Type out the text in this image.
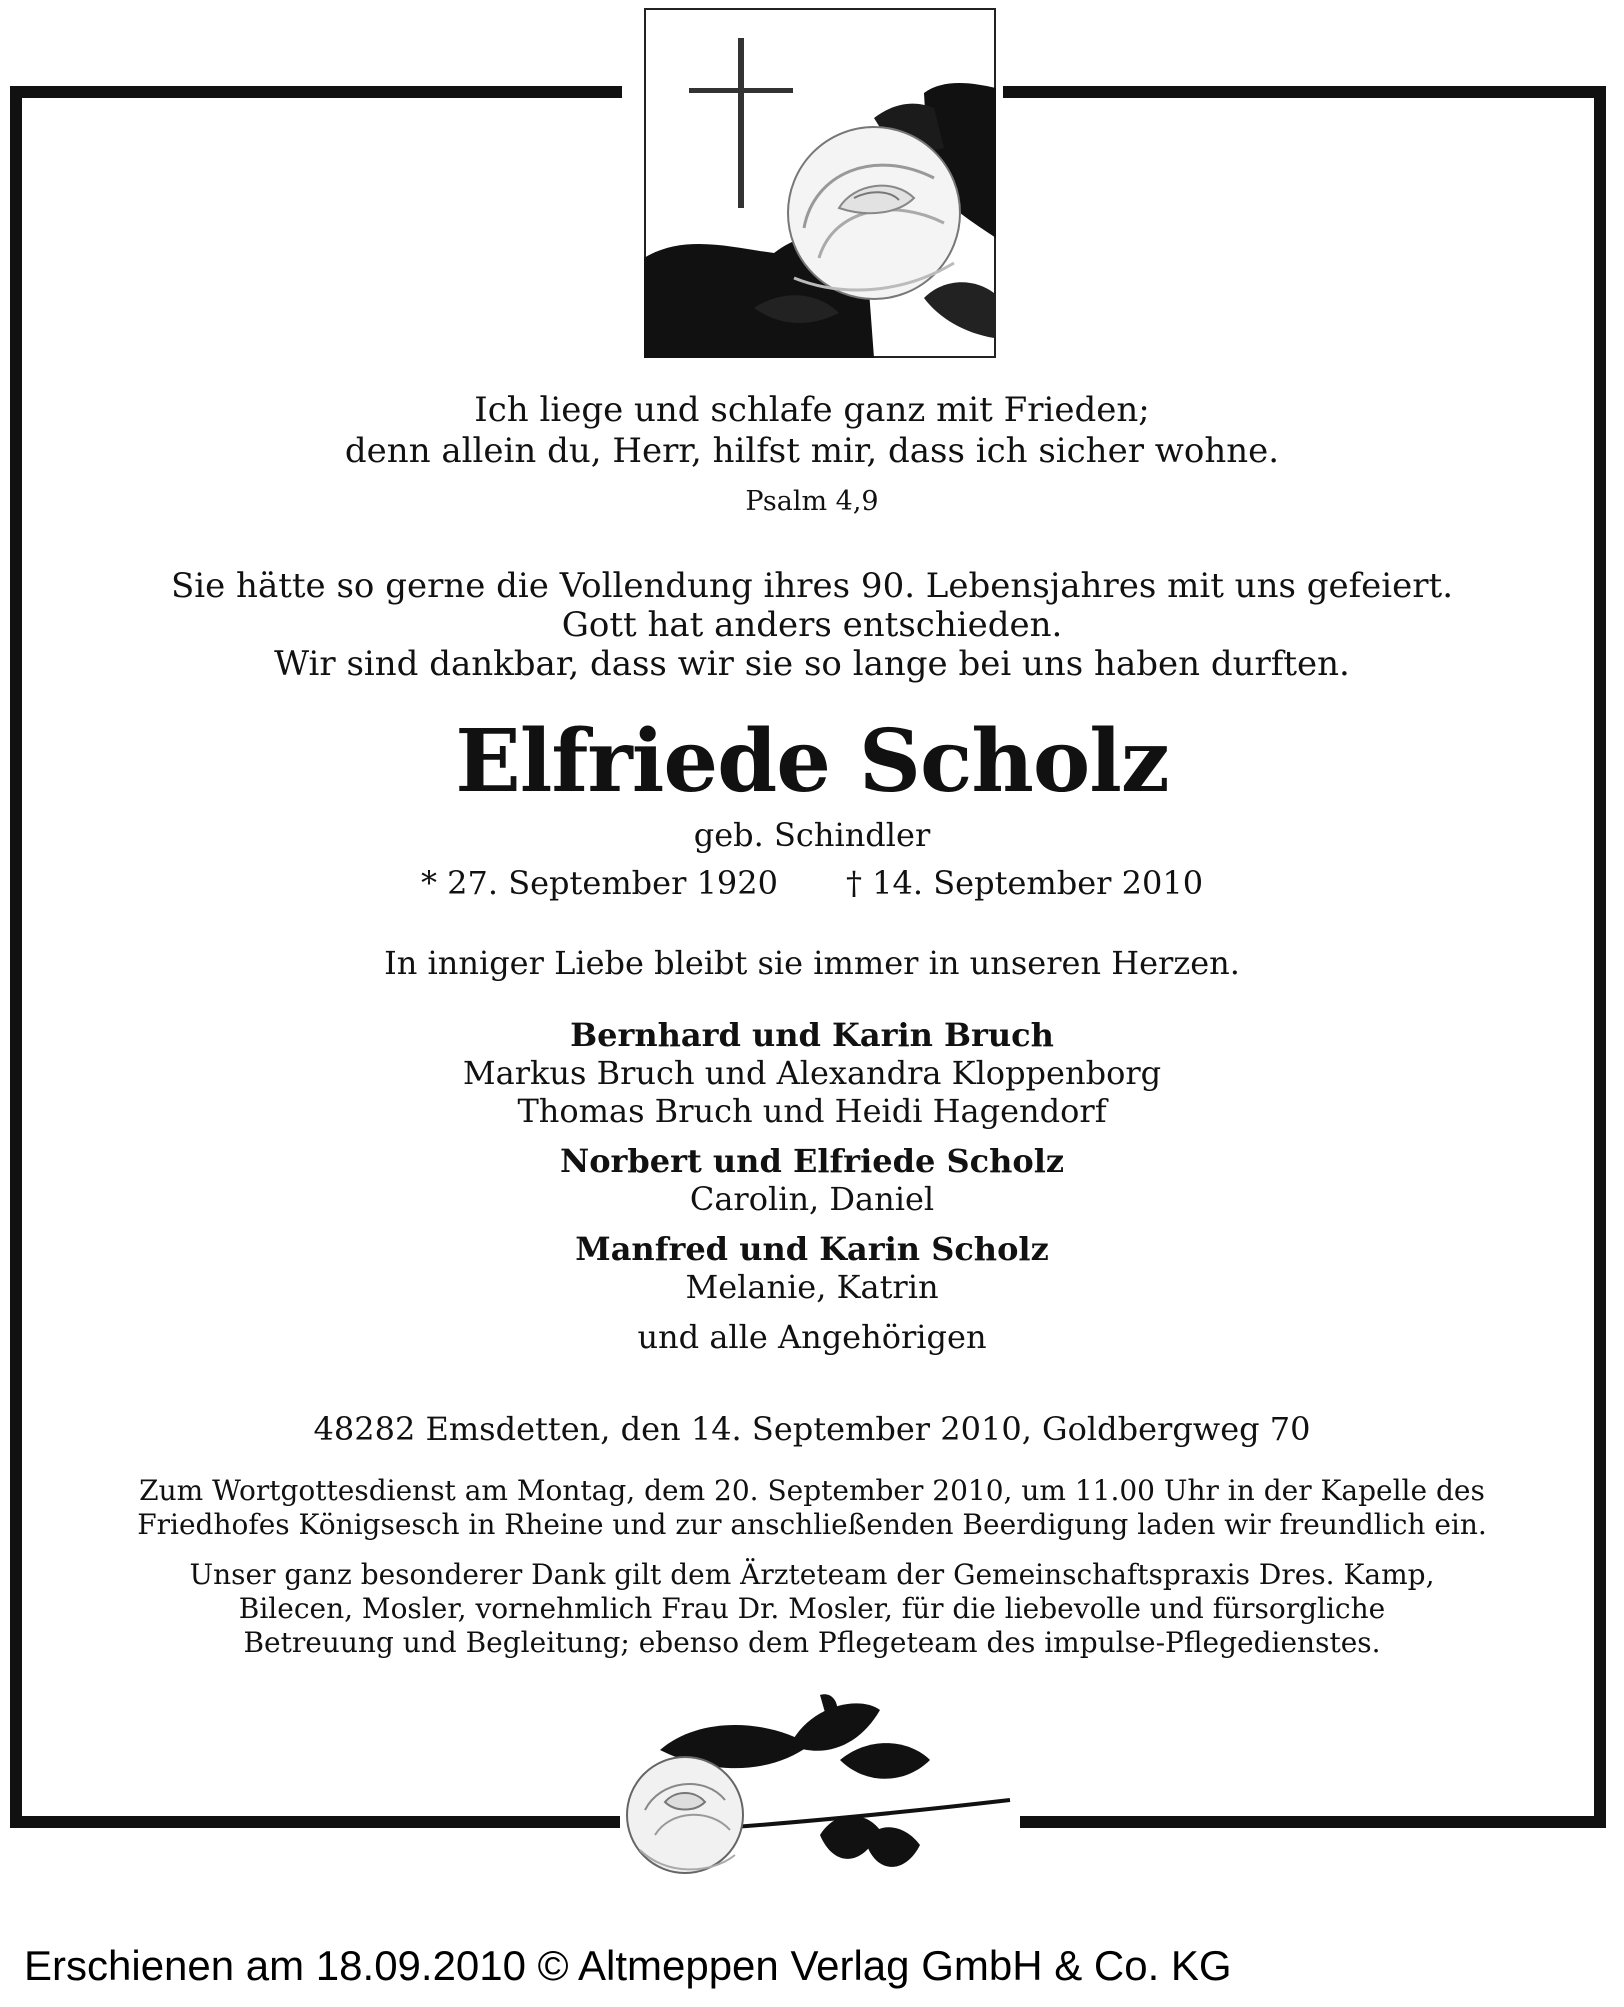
Ich liege und schlafe ganz mit Frieden;

denn allein du, Herr, hilfst mir, dass ich sicher wohne.

Psalm 4,9

Sie hätte so gerne die Vollendung ihres 90. Lebensjahres mit uns gefeiert.

Gott hat anders entschieden.

Wir sind dankbar, dass wir sie so lange bei uns haben durften.

Elfriede Scholz

geb. Schindler

* 27. September 1920 † 14. September 2010

In inniger Liebe bleibt sie immer in unseren Herzen.

Bernhard und Karin Bruch

Markus Bruch und Alexandra Kloppenborg

Thomas Bruch und Heidi Hagendorf

Norbert und Elfriede Scholz

Carolin, Daniel

Manfred und Karin Scholz

Melanie, Katrin

und alle Angehörigen

48282 Emsdetten, den 14. September 2010, Goldbergweg 70

Zum Wortgottesdienst am Montag, dem 20. September 2010, um 11.00 Uhr in der Kapelle des

Friedhofes Königsesch in Rheine und zur anschließenden Beerdigung laden wir freundlich ein.

Unser ganz besonderer Dank gilt dem Ärzteteam der Gemeinschaftspraxis Dres. Kamp,

Bilecen, Mosler, vornehmlich Frau Dr. Mosler, für die liebevolle und fürsorgliche

Betreuung und Begleitung; ebenso dem Pflegeteam des impulse-Pflegedienstes.

Erschienen am 18.09.2010 © Altmeppen Verlag GmbH & Co. KG
